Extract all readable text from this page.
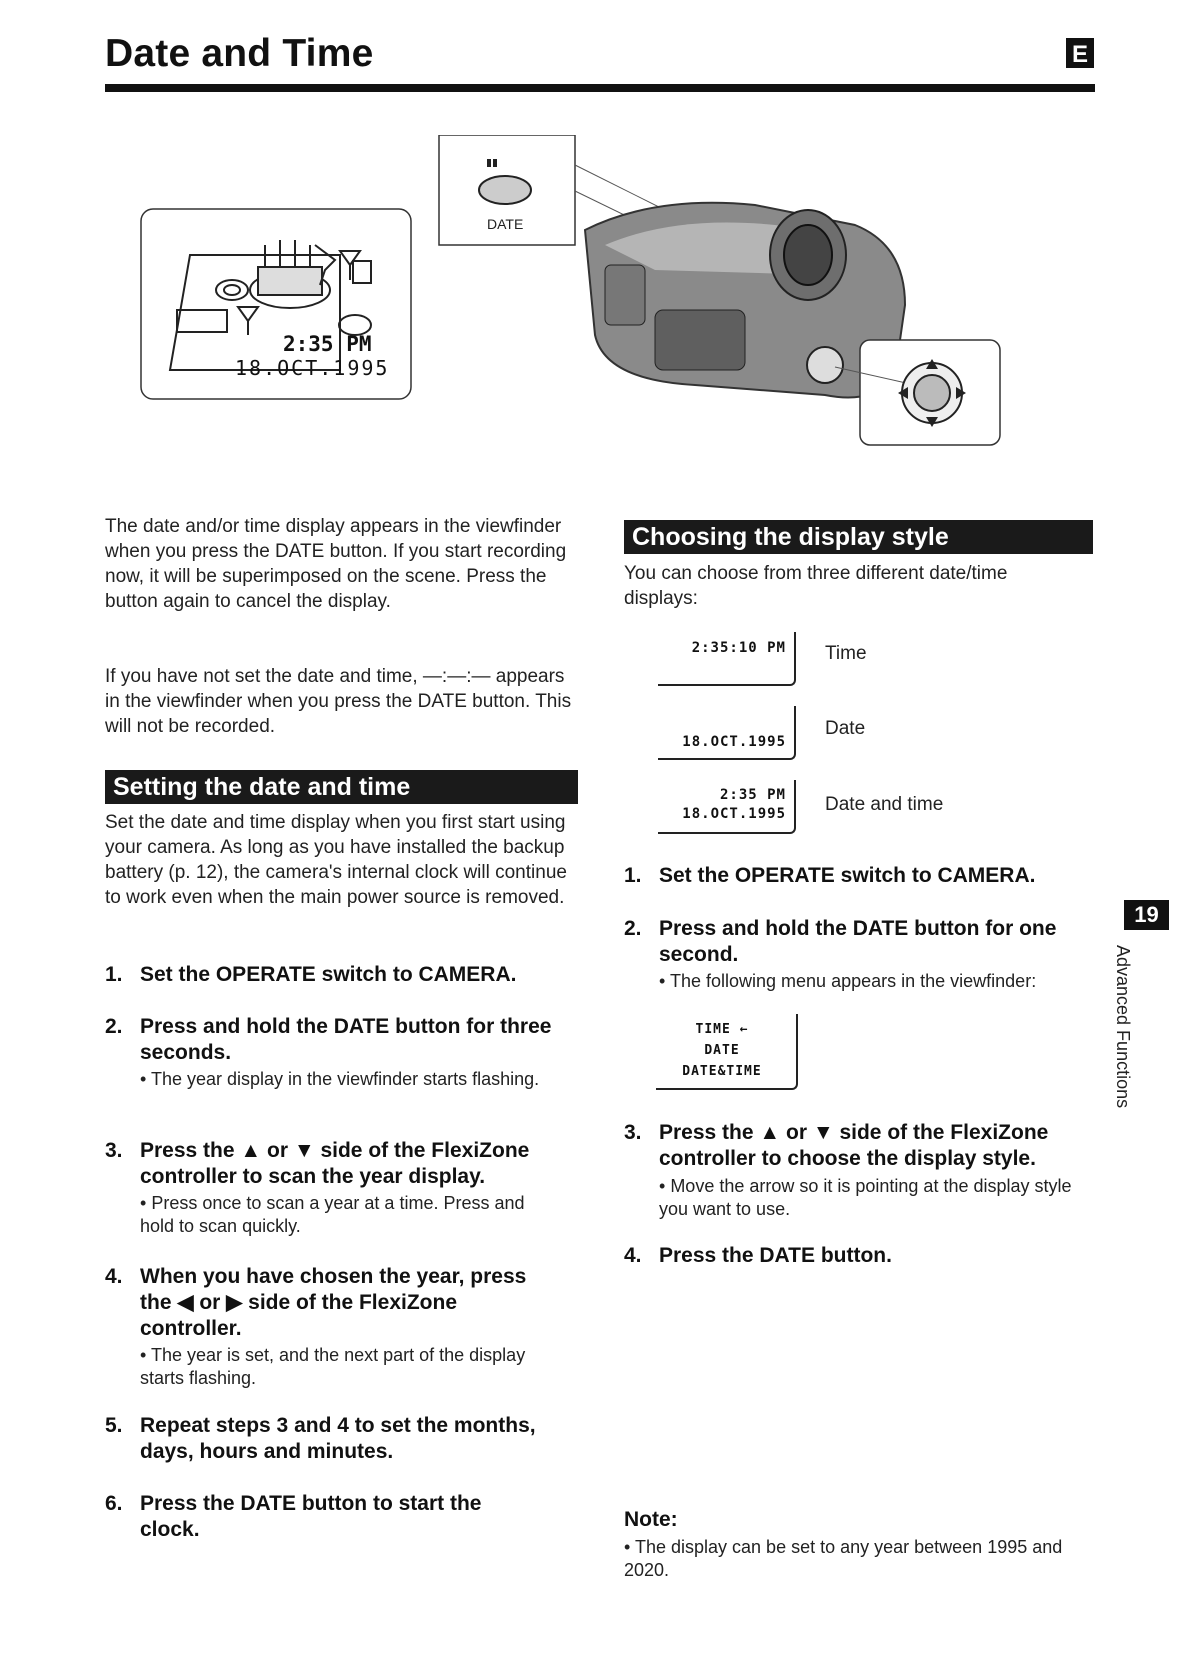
Date and Time	E
2:35 PM
18.OCT.1995
DATE
The date and/or time display appears in the viewfinder when you press the DATE button. If you start recording now, it will be superimposed on the scene. Press the button again to cancel the display.
If you have not set the date and time, —:—:— appears in the viewfinder when you press the DATE button. This will not be recorded.
Setting the date and time
Set the date and time display when you first start using your camera. As long as you have installed the backup battery (p. 12), the camera's internal clock will continue to work even when the main power source is removed.
1. Set the OPERATE switch to CAMERA.
2. Press and hold the DATE button for three seconds.
• The year display in the viewfinder starts flashing.
3. Press the ▲ or ▼ side of the FlexiZone controller to scan the year display.
• Press once to scan a year at a time. Press and hold to scan quickly.
4. When you have chosen the year, press the ◀ or ▶ side of the FlexiZone controller.
• The year is set, and the next part of the display starts flashing.
5. Repeat steps 3 and 4 to set the months, days, hours and minutes.
6. Press the DATE button to start the clock.
Choosing the display style
You can choose from three different date/time displays:
2:35:10 PM Time
18.OCT.1995
Date
2:35 PM
18.OCT.1995 Date and time
1. Set the OPERATE switch to CAMERA.
2. Press and hold the DATE button for one second.
• The following menu appears in the viewfinder:
TIME ←
DATE
DATE&TIME
3. Press the ▲ or ▼ side of the FlexiZone controller to choose the display style.
• Move the arrow so it is pointing at the display style you want to use.
4. Press the DATE button.
Note:
• The display can be set to any year between 1995 and 2020.
19
Advanced Functions
